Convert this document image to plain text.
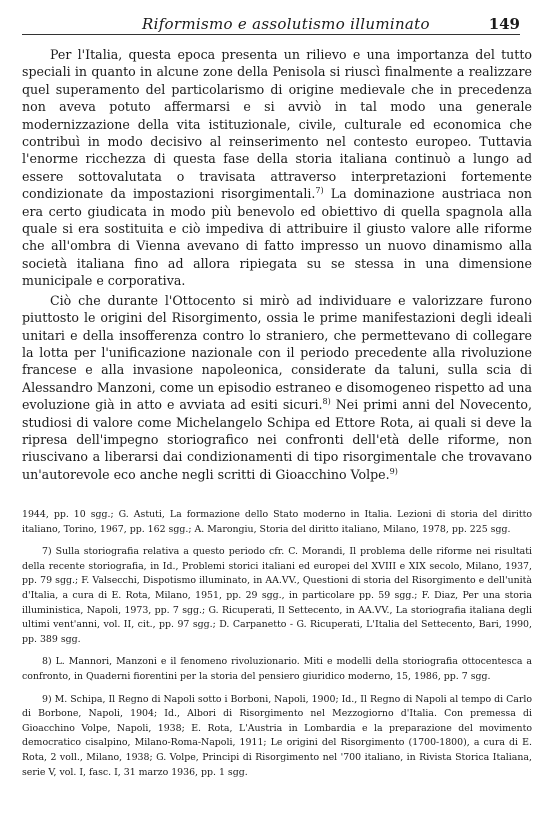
Riformismo e assolutismo illuminato	149

Per l'Italia, questa epoca presenta un rilievo e una importanza del tutto speciali in quanto in alcune zone della Penisola si riuscì finalmente a realizzare quel superamento del particolarismo di origine medievale che in precedenza non aveva potuto affermarsi e si avviò in tal modo una generale modernizzazione della vita istituzionale, civile, culturale ed economica che contribuì in modo decisivo al reinserimento nel contesto europeo. Tuttavia l'enorme ricchezza di questa fase della storia italiana continuò a lungo ad essere sottovalutata o travisata attraverso interpretazioni fortemente condizionate da impostazioni risorgimentali.$^{7)}$ La dominazione austriaca non era certo giudicata in modo più benevolo ed obiettivo di quella spagnola alla quale si era sostituita e ciò impediva di attribuire il giusto valore alle riforme che all'ombra di Vienna avevano di fatto impresso un nuovo dinamismo alla società italiana fino ad allora ripiegata su se stessa in una dimensione municipale e corporativa.

Ciò che durante l'Ottocento si mirò ad individuare e valorizzare furono piuttosto le origini del Risorgimento, ossia le prime manifestazioni degli ideali unitari e della insofferenza contro lo straniero, che permettevano di collegare la lotta per l'unificazione nazionale con il periodo precedente alla rivoluzione francese e alla invasione napoleonica, considerate da taluni, sulla scia di Alessandro Manzoni, come un episodio estraneo e disomogeneo rispetto ad una evoluzione già in atto e avviata ad esiti sicuri.$^{8)}$ Nei primi anni del Novecento, studiosi di valore come Michelangelo Schipa ed Ettore Rota, ai quali si deve la ripresa dell'impegno storiografico nei confronti dell'età delle riforme, non riuscivano a liberarsi dai condizionamenti di tipo risorgimentale che trovavano un'autorevole eco anche negli scritti di Gioacchino Volpe.$^{9)}$

1944, pp. 10 sgg.; G. Astuti, La formazione dello Stato moderno in Italia. Lezioni di storia del diritto italiano, Torino, 1967, pp. 162 sgg.; A. Marongiu, Storia del diritto italiano, Milano, 1978, pp. 225 sgg.
7) Sulla storiografia relativa a questo periodo cfr. C. Morandi, Il problema delle riforme nei risultati della recente storiografia, in Id., Problemi storici italiani ed europei del XVIII e XIX secolo, Milano, 1937, pp. 79 sgg.; F. Valsecchi, Dispotismo illuminato, in AA.VV., Questioni di storia del Risorgimento e dell'unità d'Italia, a cura di E. Rota, Milano, 1951, pp. 29 sgg., in particolare pp. 59 sgg.; F. Diaz, Per una storia illuministica, Napoli, 1973, pp. 7 sgg.; G. Ricuperati, Il Settecento, in AA.VV., La storiografia italiana degli ultimi vent'anni, vol. II, cit., pp. 97 sgg.; D. Carpanetto - G. Ricuperati, L'Italia del Settecento, Bari, 1990, pp. 389 sgg.
8) L. Mannori, Manzoni e il fenomeno rivoluzionario. Miti e modelli della storiografia ottocentesca a confronto, in Quaderni fiorentini per la storia del pensiero giuridico moderno, 15, 1986, pp. 7 sgg.
9) M. Schipa, Il Regno di Napoli sotto i Borboni, Napoli, 1900; Id., Il Regno di Napoli al tempo di Carlo di Borbone, Napoli, 1904; Id., Albori di Risorgimento nel Mezzogiorno d'Italia. Con premessa di Gioacchino Volpe, Napoli, 1938; E. Rota, L'Austria in Lombardia e la preparazione del movimento democratico cisalpino, Milano-Roma-Napoli, 1911; Le origini del Risorgimento (1700-1800), a cura di E. Rota, 2 voll., Milano, 1938; G. Volpe, Principi di Risorgimento nel '700 italiano, in Rivista Storica Italiana, serie V, vol. I, fasc. I, 31 marzo 1936, pp. 1 sgg.
